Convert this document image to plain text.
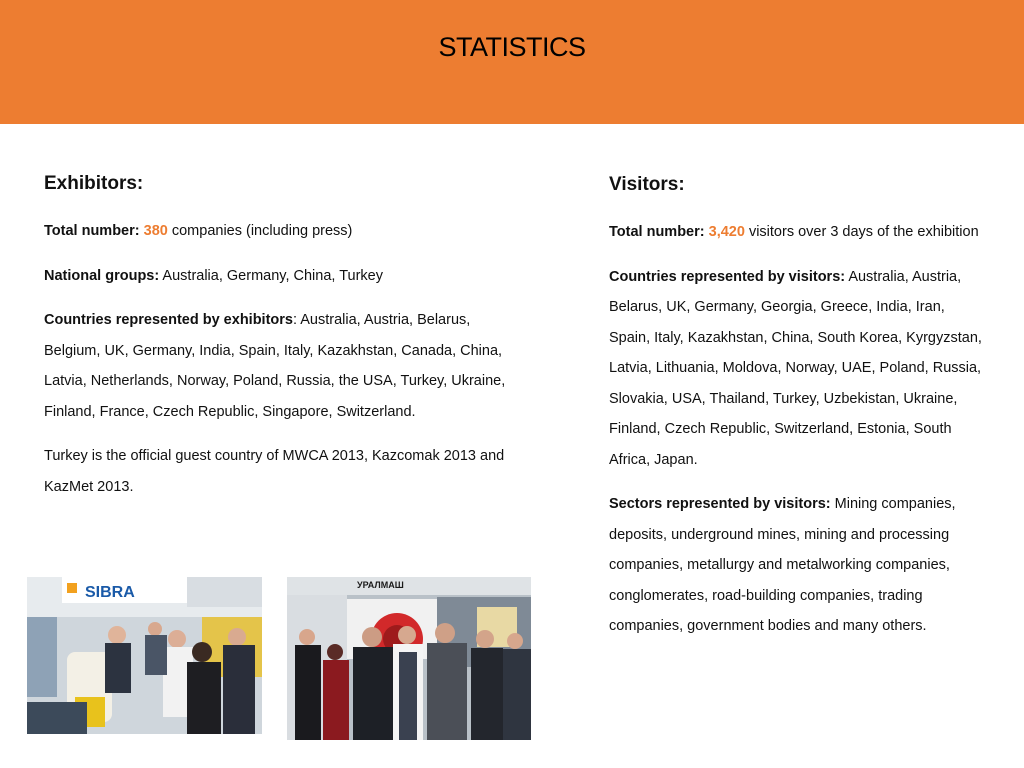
STATISTICS
Exhibitors:

Total number: 380 companies (including press)

National groups: Australia, Germany, China, Turkey

Countries represented by exhibitors: Australia, Austria, Belarus, Belgium, UK, Germany, India, Spain, Italy, Kazakhstan, Canada, China, Latvia, Netherlands, Norway, Poland, Russia, the USA, Turkey, Ukraine, Finland, France, Czech Republic, Singapore, Switzerland.

Turkey is the official guest country of MWCA 2013, Kazcomak 2013 and KazMet 2013.

Visitors:

Total number: 3,420 visitors over 3 days of the exhibition

Countries represented by visitors: Australia, Austria, Belarus, UK, Germany, Georgia, Greece, India, Iran, Spain, Italy, Kazakhstan, China, South Korea, Kyrgyzstan, Latvia, Lithuania, Moldova, Norway, UAE, Poland, Russia, Slovakia, USA, Thailand, Turkey, Uzbekistan, Ukraine, Finland, Czech Republic, Switzerland, Estonia, South Africa, Japan.

Sectors represented by visitors: Mining companies, deposits, underground mines, mining and processing companies, metallurgy and metalworking companies, conglomerates, road-building companies, trading companies, government bodies and many others.

SIBRA	УРАЛМАШ
